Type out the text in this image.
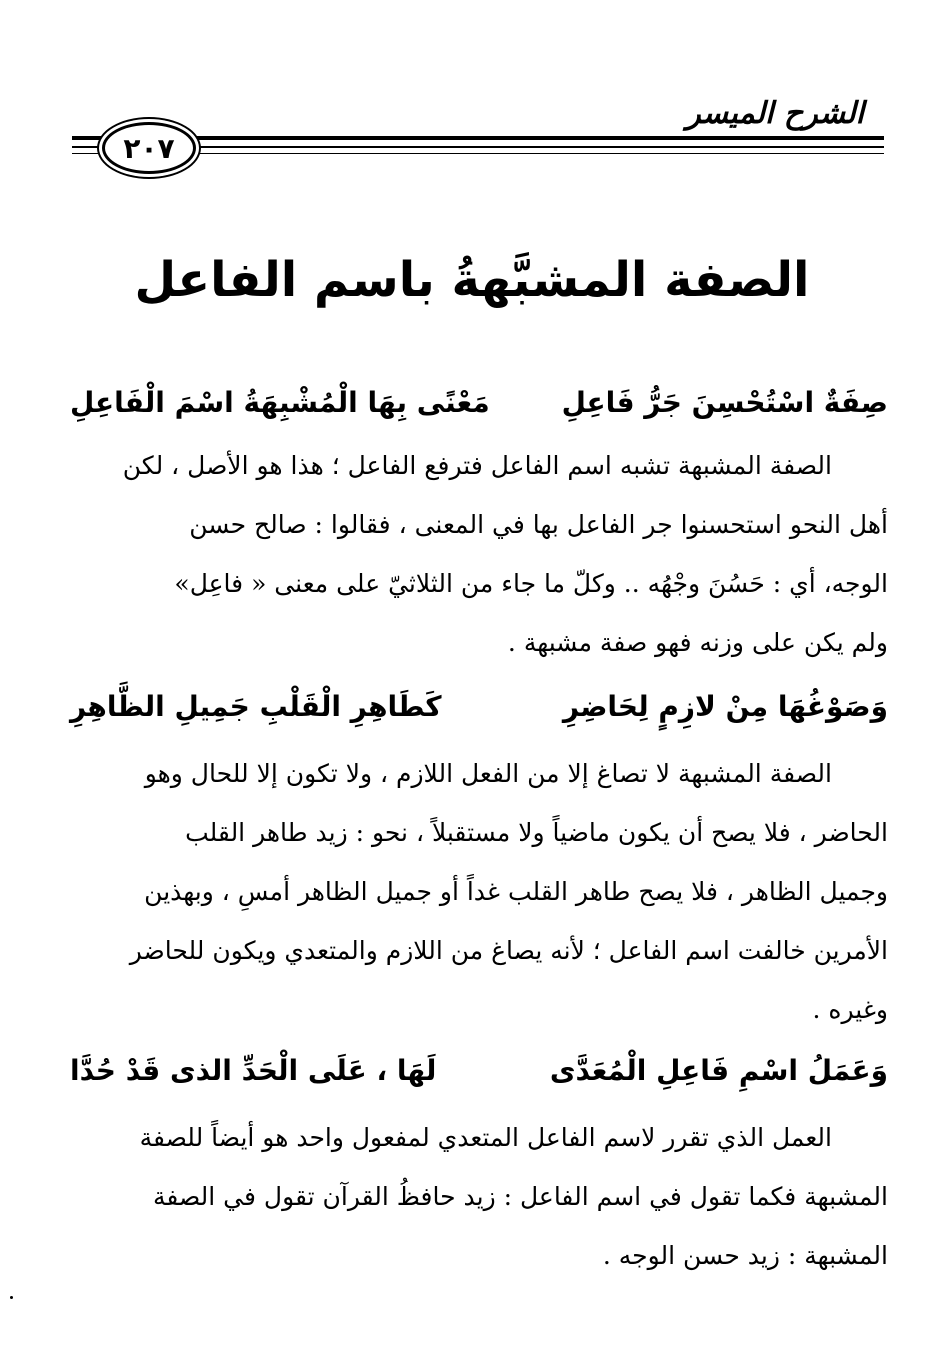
الشرح الميسر
٢٠٧
الصفة المشبَّهةُ باسم الفاعل
صِفَةٌ اسْتُحْسِنَ جَرُّ فَاعِلِ
مَعْنًى بِهَا الْمُشْبِهَةُ اسْمَ الْفَاعِلِ
الصفة المشبهة تشبه اسم الفاعل فترفع الفاعل ؛ هذا هو الأصل ، لكن
أهل النحو استحسنوا جر الفاعل بها في المعنى ، فقالوا : صالح حسن
الوجه، أي : حَسُنَ وجْهُه .. وكلّ ما جاء من الثلاثيّ على معنى « فاعِل»
ولم يكن على وزنه فهو صفة مشبهة .
وَصَوْغُهَا مِنْ لازِمٍ لِحَاضِرِ
كَطَاهِرِ الْقَلْبِ جَمِيلِ الظَّاهِرِ
الصفة المشبهة لا تصاغ إلا من الفعل اللازم ، ولا تكون إلا للحال وهو
الحاضر ، فلا يصح أن يكون ماضياً ولا مستقبلاً ، نحو : زيد طاهر القلب
وجميل الظاهر ، فلا يصح طاهر القلب غداً أو جميل الظاهر أمسِ ، وبهذين
الأمرين خالفت اسم الفاعل ؛ لأنه يصاغ من اللازم والمتعدي ويكون للحاضر
وغيره .
وَعَمَلُ اسْمِ فَاعِلِ الْمُعَدَّى
لَهَا ، عَلَى الْحَدِّ الذى قَدْ حُدَّا
العمل الذي تقرر لاسم الفاعل المتعدي لمفعول واحد هو أيضاً للصفة
المشبهة فكما تقول في اسم الفاعل : زيد حافظُ القرآن تقول في الصفة
المشبهة : زيد حسن الوجه .
